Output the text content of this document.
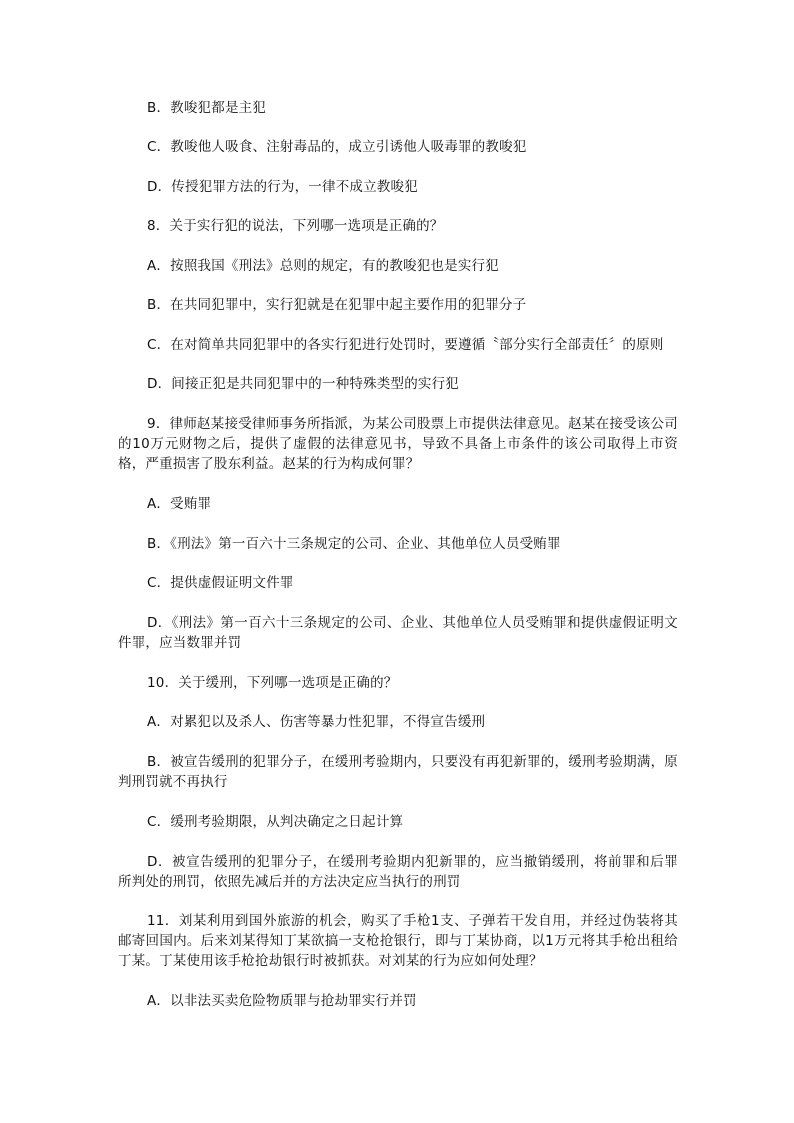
B．教唆犯都是主犯
C．教唆他人吸食、注射毒品的，成立引诱他人吸毒罪的教唆犯
D．传授犯罪方法的行为，一律不成立教唆犯
8．关于实行犯的说法，下列哪一选项是正确的？
A．按照我国《刑法》总则的规定，有的教唆犯也是实行犯
B．在共同犯罪中，实行犯就是在犯罪中起主要作用的犯罪分子
C．在对简单共同犯罪中的各实行犯进行处罚时，要遵循〝部分实行全部责任〞的原则
D．间接正犯是共同犯罪中的一种特殊类型的实行犯
9．律师赵某接受律师事务所指派，为某公司股票上市提供法律意见。赵某在接受该公司的10万元财物之后，提供了虚假的法律意见书，导致不具备上市条件的该公司取得上市资格，严重损害了股东利益。赵某的行为构成何罪？
A．受贿罪
B．《刑法》第一百六十三条规定的公司、企业、其他单位人员受贿罪
C．提供虚假证明文件罪
D．《刑法》第一百六十三条规定的公司、企业、其他单位人员受贿罪和提供虚假证明文件罪，应当数罪并罚
10．关于缓刑，下列哪一选项是正确的？
A．对累犯以及杀人、伤害等暴力性犯罪，不得宣告缓刑
B．被宣告缓刑的犯罪分子，在缓刑考验期内，只要没有再犯新罪的，缓刑考验期满，原判刑罚就不再执行
C．缓刑考验期限，从判决确定之日起计算
D．被宣告缓刑的犯罪分子，在缓刑考验期内犯新罪的，应当撤销缓刑，将前罪和后罪所判处的刑罚，依照先减后并的方法决定应当执行的刑罚
11．刘某利用到国外旅游的机会，购买了手枪1支、子弹若干发自用，并经过伪装将其邮寄回国内。后来刘某得知丁某欲搞一支枪抢银行，即与丁某协商，以1万元将其手枪出租给丁某。丁某使用该手枪抢劫银行时被抓获。对刘某的行为应如何处理？
A．以非法买卖危险物质罪与抢劫罪实行并罚
